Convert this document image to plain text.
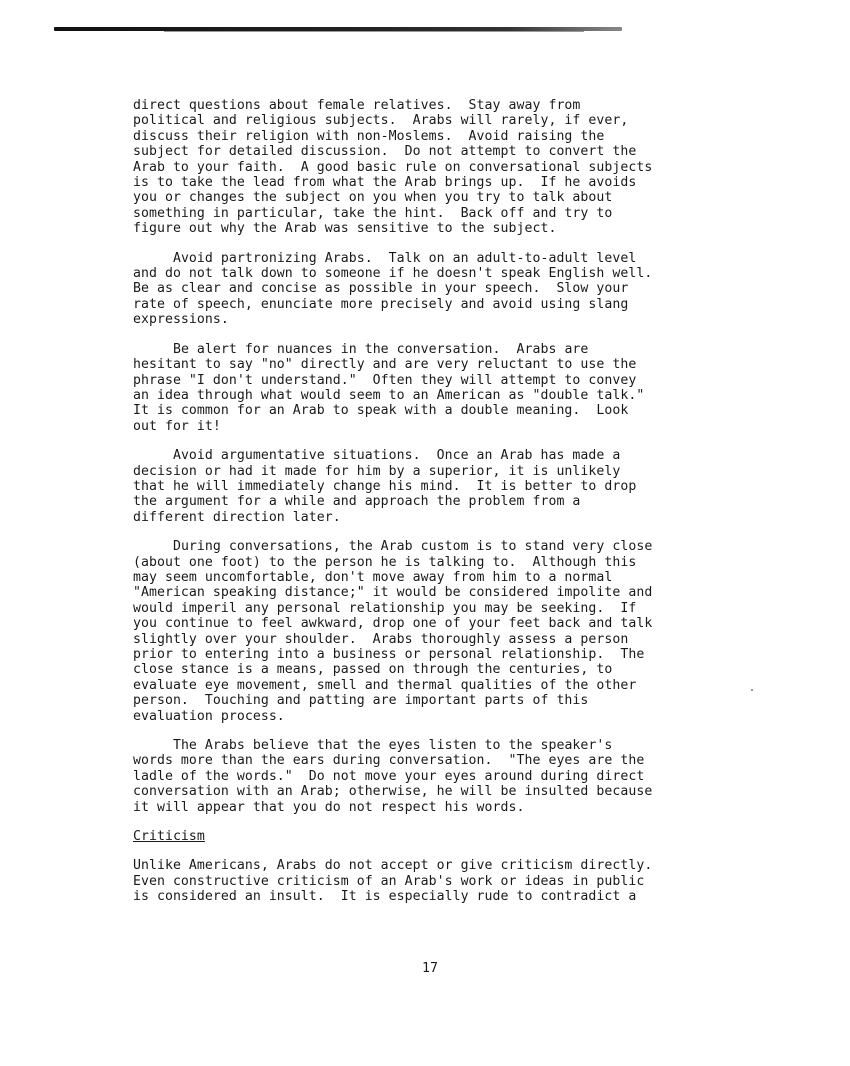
direct questions about female relatives.  Stay away from
political and religious subjects.  Arabs will rarely, if ever,
discuss their religion with non-Moslems.  Avoid raising the
subject for detailed discussion.  Do not attempt to convert the
Arab to your faith.  A good basic rule on conversational subjects
is to take the lead from what the Arab brings up.  If he avoids
you or changes the subject on you when you try to talk about
something in particular, take the hint.  Back off and try to
figure out why the Arab was sensitive to the subject.

Avoid partronizing Arabs.  Talk on an adult-to-adult level
and do not talk down to someone if he doesn't speak English well.
Be as clear and concise as possible in your speech.  Slow your
rate of speech, enunciate more precisely and avoid using slang
expressions.

Be alert for nuances in the conversation.  Arabs are
hesitant to say "no" directly and are very reluctant to use the
phrase "I don't understand."  Often they will attempt to convey
an idea through what would seem to an American as "double talk."
It is common for an Arab to speak with a double meaning.  Look
out for it!

Avoid argumentative situations.  Once an Arab has made a
decision or had it made for him by a superior, it is unlikely
that he will immediately change his mind.  It is better to drop
the argument for a while and approach the problem from a
different direction later.

During conversations, the Arab custom is to stand very close
(about one foot) to the person he is talking to.  Although this
may seem uncomfortable, don't move away from him to a normal
"American speaking distance;" it would be considered impolite and
would imperil any personal relationship you may be seeking.  If
you continue to feel awkward, drop one of your feet back and talk
slightly over your shoulder.  Arabs thoroughly assess a person
prior to entering into a business or personal relationship.  The
close stance is a means, passed on through the centuries, to
evaluate eye movement, smell and thermal qualities of the other
person.  Touching and patting are important parts of this
evaluation process.

The Arabs believe that the eyes listen to the speaker's
words more than the ears during conversation.  "The eyes are the
ladle of the words."  Do not move your eyes around during direct
conversation with an Arab; otherwise, he will be insulted because
it will appear that you do not respect his words.

Criticism

Unlike Americans, Arabs do not accept or give criticism directly.
Even constructive criticism of an Arab's work or ideas in public
is considered an insult.  It is especially rude to contradict a

17
